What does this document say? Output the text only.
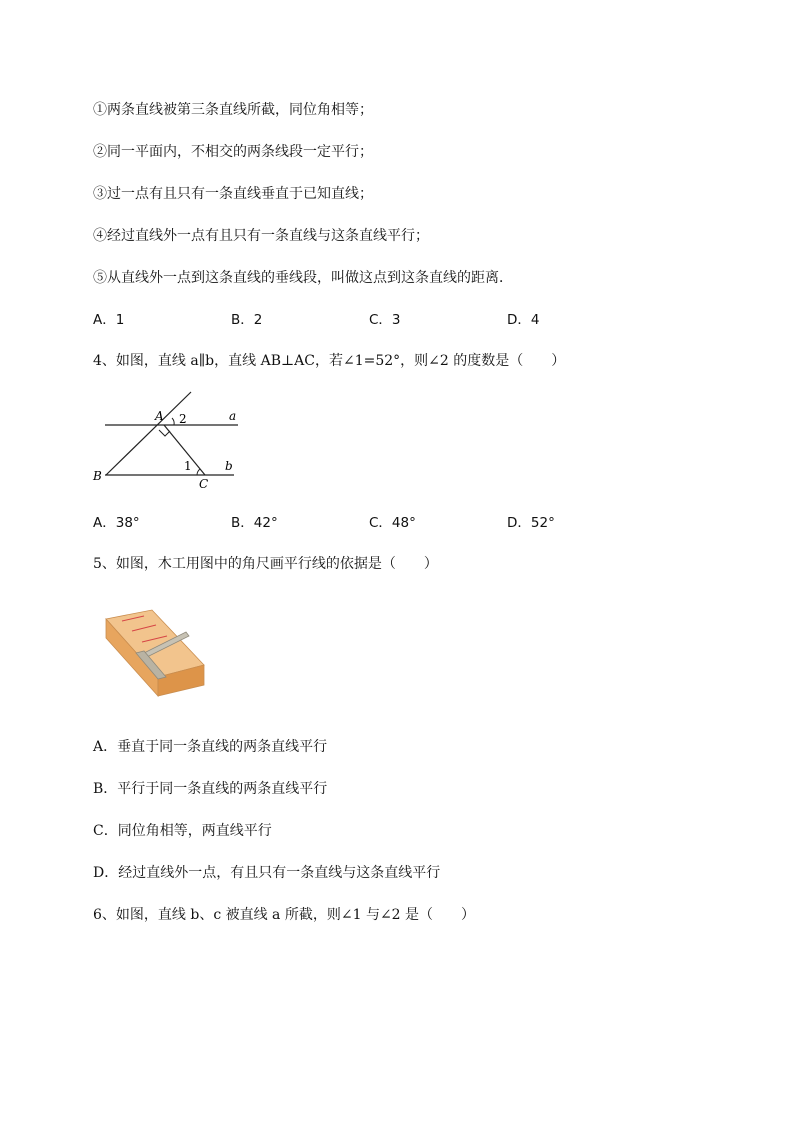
①两条直线被第三条直线所截，同位角相等；
②同一平面内，不相交的两条线段一定平行；
③过一点有且只有一条直线垂直于已知直线；
④经过直线外一点有且只有一条直线与这条直线平行；
⑤从直线外一点到这条直线的垂线段，叫做这点到这条直线的距离．
A．1	B．2	C．3	D．4
4、如图，直线 a∥b，直线 AB⊥AC，若∠1=52°，则∠2 的度数是（　　）
A 2	a
1	b
B
C
A．38°	B．42°	C．48°	D．52°
5、如图，木工用图中的角尺画平行线的依据是（　　）
A．垂直于同一条直线的两条直线平行
B．平行于同一条直线的两条直线平行
C．同位角相等，两直线平行
D．经过直线外一点，有且只有一条直线与这条直线平行
6、如图，直线 b、c 被直线 a 所截，则∠1 与∠2 是（　　）
